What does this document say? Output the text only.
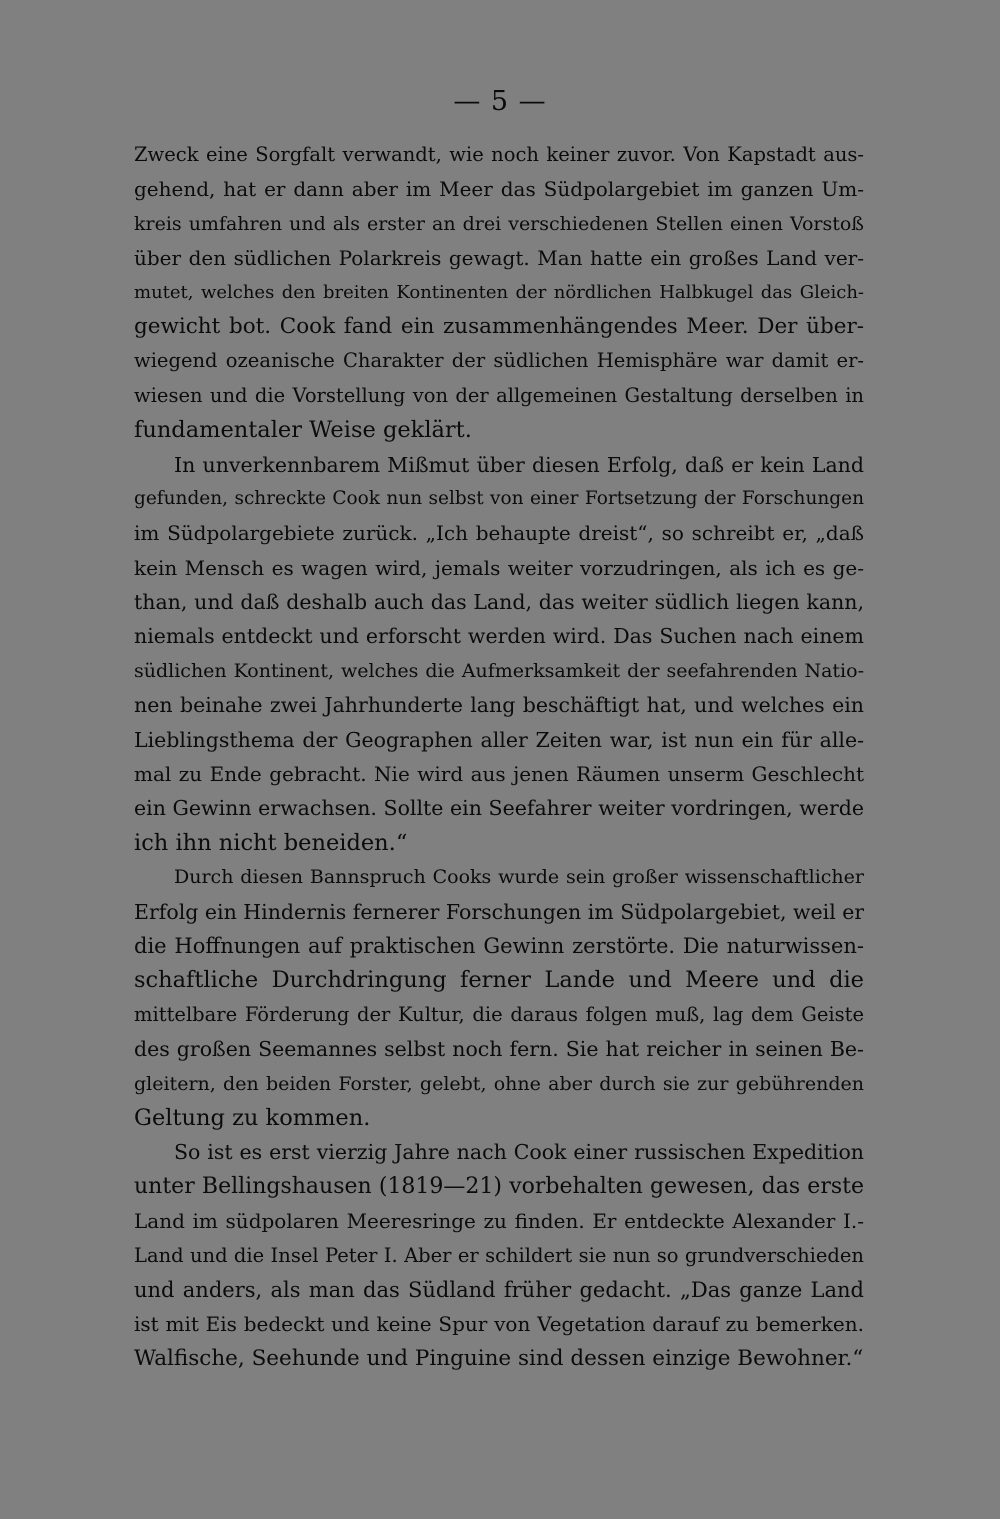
— 5 —
Zweck eine Sorgfalt verwandt, wie noch keiner zuvor. Von Kapstadt aus-
gehend, hat er dann aber im Meer das Südpolargebiet im ganzen Um-
kreis umfahren und als erster an drei verschiedenen Stellen einen Vorstoß
über den südlichen Polarkreis gewagt. Man hatte ein großes Land ver-
mutet, welches den breiten Kontinenten der nördlichen Halbkugel das Gleich-
gewicht bot. Cook fand ein zusammenhängendes Meer. Der über-
wiegend ozeanische Charakter der südlichen Hemisphäre war damit er-
wiesen und die Vorstellung von der allgemeinen Gestaltung derselben in
fundamentaler Weise geklärt.
In unverkennbarem Mißmut über diesen Erfolg, daß er kein Land
gefunden, schreckte Cook nun selbst von einer Fortsetzung der Forschungen
im Südpolargebiete zurück. „Ich behaupte dreist“, so schreibt er, „daß
kein Mensch es wagen wird, jemals weiter vorzudringen, als ich es ge-
than, und daß deshalb auch das Land, das weiter südlich liegen kann,
niemals entdeckt und erforscht werden wird. Das Suchen nach einem
südlichen Kontinent, welches die Aufmerksamkeit der seefahrenden Natio-
nen beinahe zwei Jahrhunderte lang beschäftigt hat, und welches ein
Lieblingsthema der Geographen aller Zeiten war, ist nun ein für alle-
mal zu Ende gebracht. Nie wird aus jenen Räumen unserm Geschlecht
ein Gewinn erwachsen. Sollte ein Seefahrer weiter vordringen, werde
ich ihn nicht beneiden.“
Durch diesen Bannspruch Cooks wurde sein großer wissenschaftlicher
Erfolg ein Hindernis fernerer Forschungen im Südpolargebiet, weil er
die Hoffnungen auf praktischen Gewinn zerstörte. Die naturwissen-
schaftliche Durchdringung ferner Lande und Meere und die
mittelbare Förderung der Kultur, die daraus folgen muß, lag dem Geiste
des großen Seemannes selbst noch fern. Sie hat reicher in seinen Be-
gleitern, den beiden Forster, gelebt, ohne aber durch sie zur gebührenden
Geltung zu kommen.
So ist es erst vierzig Jahre nach Cook einer russischen Expedition
unter Bellingshausen (1819—21) vorbehalten gewesen, das erste
Land im südpolaren Meeresringe zu finden. Er entdeckte Alexander I.-
Land und die Insel Peter I. Aber er schildert sie nun so grundverschieden
und anders, als man das Südland früher gedacht. „Das ganze Land
ist mit Eis bedeckt und keine Spur von Vegetation darauf zu bemerken.
Walfische, Seehunde und Pinguine sind dessen einzige Bewohner.“
